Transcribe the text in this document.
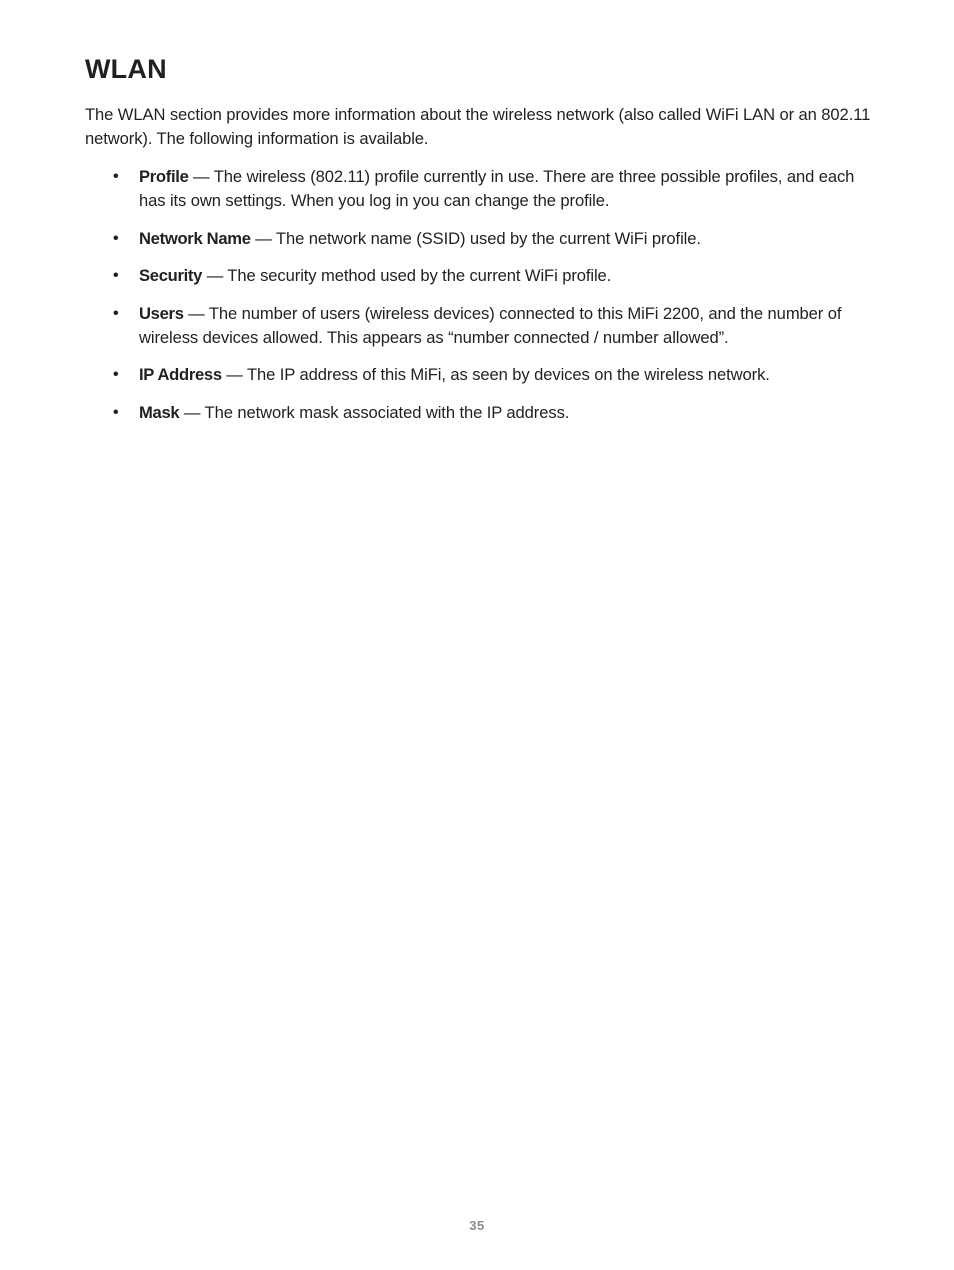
WLAN

The WLAN section provides more information about the wireless network (also called WiFi LAN or an 802.11 network). The following information is available.

• Profile — The wireless (802.11) profile currently in use. There are three possible profiles, and each has its own settings. When you log in you can change the profile.
• Network Name — The network name (SSID) used by the current WiFi profile.
• Security — The security method used by the current WiFi profile.
• Users — The number of users (wireless devices) connected to this MiFi 2200, and the number of wireless devices allowed. This appears as “number connected / number allowed”.
• IP Address — The IP address of this MiFi, as seen by devices on the wireless network.
• Mask — The network mask associated with the IP address.
35
